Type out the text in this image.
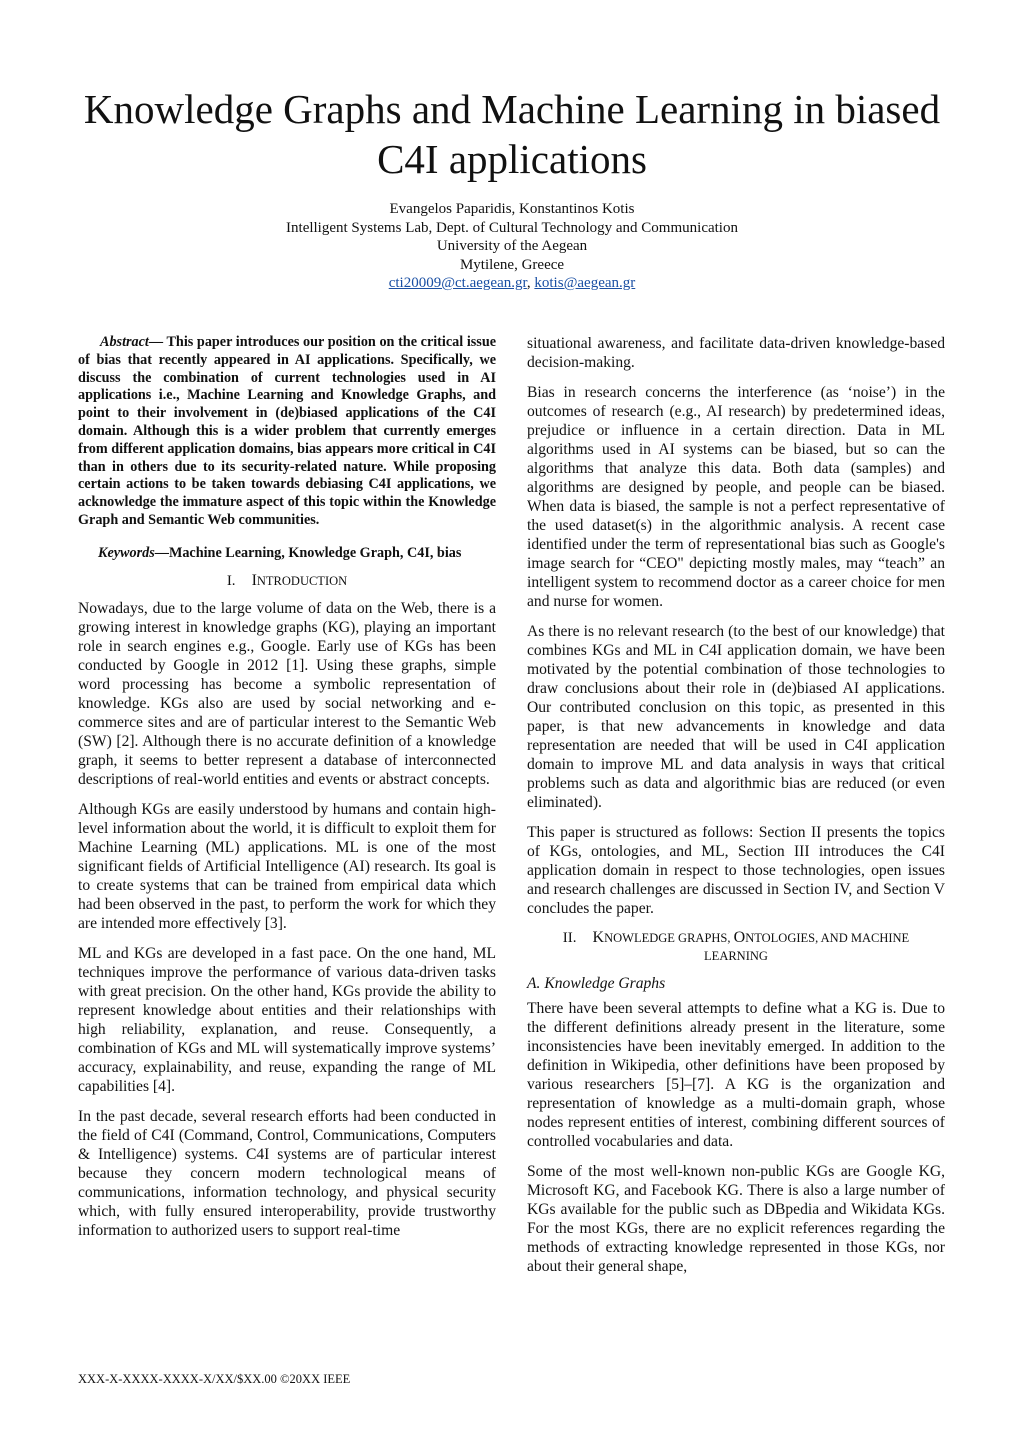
Knowledge Graphs and Machine Learning in biased
C4I applications
Evangelos Paparidis, Konstantinos Kotis
Intelligent Systems Lab, Dept. of Cultural Technology and Communication
University of the Aegean
Mytilene, Greece
cti20009@ct.aegean.gr, kotis@aegean.gr

Abstract— This paper introduces our position on the critical issue of bias that recently appeared in AI applications. Specifically, we discuss the combination of current technologies used in AI applications i.e., Machine Learning and Knowledge Graphs, and point to their involvement in (de)biased applications of the C4I domain. Although this is a wider problem that currently emerges from different application domains, bias appears more critical in C4I than in others due to its security-related nature. While proposing certain actions to be taken towards debiasing C4I applications, we acknowledge the immature aspect of this topic within the Knowledge Graph and Semantic Web communities.

Keywords—Machine Learning, Knowledge Graph, C4I, bias

I. INTRODUCTION

Nowadays, due to the large volume of data on the Web, there is a growing interest in knowledge graphs (KG), playing an important role in search engines e.g., Google. Early use of KGs has been conducted by Google in 2012 [1]. Using these graphs, simple word processing has become a symbolic representation of knowledge. KGs also are used by social networking and e-commerce sites and are of particular interest to the Semantic Web (SW) [2]. Although there is no accurate definition of a knowledge graph, it seems to better represent a database of interconnected descriptions of real-world entities and events or abstract concepts.

Although KGs are easily understood by humans and contain high-level information about the world, it is difficult to exploit them for Machine Learning (ML) applications. ML is one of the most significant fields of Artificial Intelligence (AI) research. Its goal is to create systems that can be trained from empirical data which had been observed in the past, to perform the work for which they are intended more effectively [3].

ML and KGs are developed in a fast pace. On the one hand, ML techniques improve the performance of various data-driven tasks with great precision. On the other hand, KGs provide the ability to represent knowledge about entities and their relationships with high reliability, explanation, and reuse. Consequently, a combination of KGs and ML will systematically improve systems’ accuracy, explainability, and reuse, expanding the range of ML capabilities [4].

In the past decade, several research efforts had been conducted in the field of C4I (Command, Control, Communications, Computers & Intelligence) systems. C4I systems are of particular interest because they concern modern technological means of communications, information technology, and physical security which, with fully ensured interoperability, provide trustworthy information to authorized users to support real-time

situational awareness, and facilitate data-driven knowledge-based decision-making.

Bias in research concerns the interference (as ‘noise’) in the outcomes of research (e.g., AI research) by predetermined ideas, prejudice or influence in a certain direction. Data in ML algorithms used in AI systems can be biased, but so can the algorithms that analyze this data. Both data (samples) and algorithms are designed by people, and people can be biased. When data is biased, the sample is not a perfect representative of the used dataset(s) in the algorithmic analysis. A recent case identified under the term of representational bias such as Google's image search for “CEO" depicting mostly males, may “teach” an intelligent system to recommend doctor as a career choice for men and nurse for women.

As there is no relevant research (to the best of our knowledge) that combines KGs and ML in C4I application domain, we have been motivated by the potential combination of those technologies to draw conclusions about their role in (de)biased AI applications. Our contributed conclusion on this topic, as presented in this paper, is that new advancements in knowledge and data representation are needed that will be used in C4I application domain to improve ML and data analysis in ways that critical problems such as data and algorithmic bias are reduced (or even eliminated).

This paper is structured as follows: Section II presents the topics of KGs, ontologies, and ML, Section III introduces the C4I application domain in respect to those technologies, open issues and research challenges are discussed in Section IV, and Section V concludes the paper.

II. KNOWLEDGE GRAPHS, ONTOLOGIES, AND MACHINE
LEARNING
A. Knowledge Graphs

There have been several attempts to define what a KG is. Due to the different definitions already present in the literature, some inconsistencies have been inevitably emerged. In addition to the definition in Wikipedia, other definitions have been proposed by various researchers [5]–[7]. A KG is the organization and representation of knowledge as a multi-domain graph, whose nodes represent entities of interest, combining different sources of controlled vocabularies and data.

Some of the most well-known non-public KGs are Google KG, Microsoft KG, and Facebook KG. There is also a large number of KGs available for the public such as DBpedia and Wikidata KGs. For the most KGs, there are no explicit references regarding the methods of extracting knowledge represented in those KGs, nor about their general shape,

XXX-X-XXXX-XXXX-X/XX/$XX.00 ©20XX IEEE
